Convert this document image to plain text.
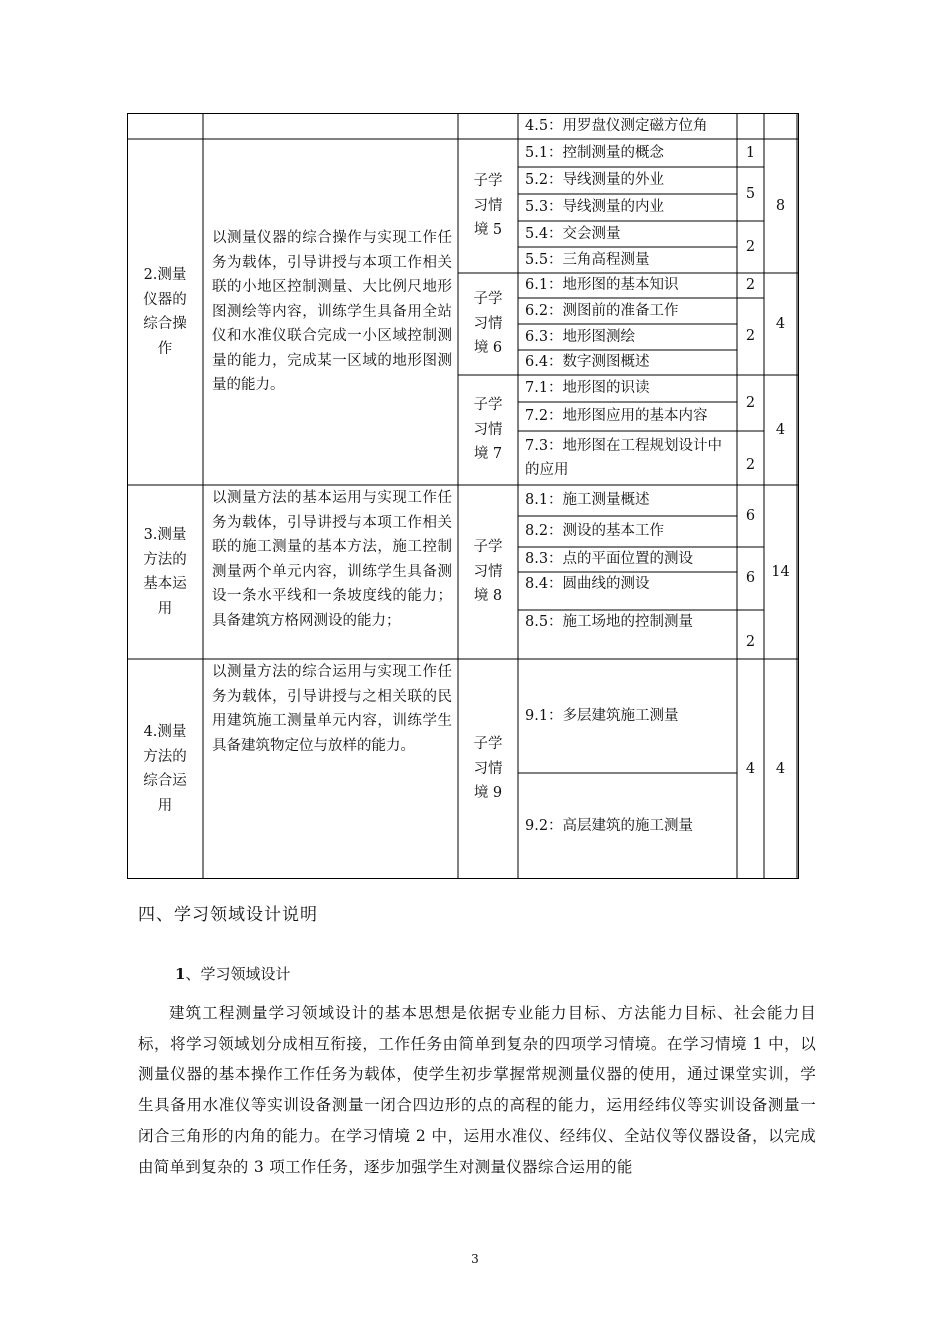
4.5：用罗盘仪测定磁方位角
2.测量仪器的综合操作
以测量仪器的综合操作与实现工作任务为载体，引导讲授与本项工作相关联的小地区控制测量、大比例尺地形图测绘等内容，训练学生具备用全站仪和水准仪联合完成一小区域控制测量的能力，完成某一区域的地形图测量的能力。
子学习情境 5
5.1：控制测量的概念
5.2：导线测量的外业
5.3：导线测量的内业
5.4：交会测量
5.5：三角高程测量
1
5
2
8
子学习情境 6
6.1：地形图的基本知识
6.2：测图前的准备工作
6.3：地形图测绘
6.4：数字测图概述
2
2
4
子学习情境 7
7.1：地形图的识读
7.2：地形图应用的基本内容
7.3：地形图在工程规划设计中的应用
2
2
4
3.测量方法的基本运用
以测量方法的基本运用与实现工作任务为载体，引导讲授与本项工作相关联的施工测量的基本方法，施工控制测量两个单元内容，训练学生具备测设一条水平线和一条坡度线的能力；具备建筑方格网测设的能力；
子学习情境 8
8.1：施工测量概述
8.2：测设的基本工作
8.3：点的平面位置的测设
8.4：圆曲线的测设
8.5：施工场地的控制测量
6
6
2
14
4.测量方法的综合运用
以测量方法的综合运用与实现工作任务为载体，引导讲授与之相关联的民用建筑施工测量单元内容，训练学生具备建筑物定位与放样的能力。	子学习情境 9
9.1：多层建筑施工测量
9.2：高层建筑的施工测量
4	4
四、学习领域设计说明
1、学习领域设计
建筑工程测量学习领域设计的基本思想是依据专业能力目标、方法能力目标、社会能力目标，将学习领域划分成相互衔接，工作任务由简单到复杂的四项学习情境。在学习情境 1 中，以测量仪器的基本操作工作任务为载体，使学生初步掌握常规测量仪器的使用，通过课堂实训，学生具备用水准仪等实训设备测量一闭合四边形的点的高程的能力，运用经纬仪等实训设备测量一闭合三角形的内角的能力。在学习情境 2 中，运用水准仪、经纬仪、全站仪等仪器设备，以完成由简单到复杂的 3 项工作任务，逐步加强学生对测量仪器综合运用的能
3
